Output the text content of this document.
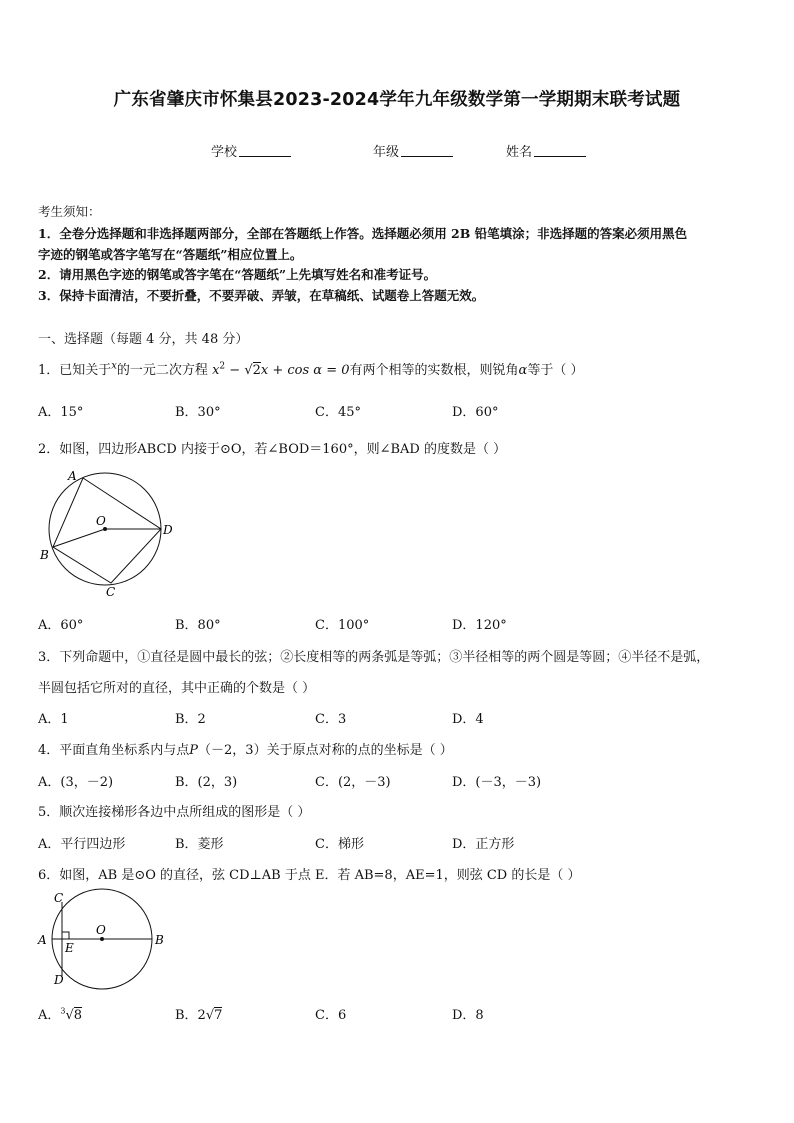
广东省肇庆市怀集县2023-2024学年九年级数学第一学期期末联考试题
学校	年级	姓名
考生须知：
1．全卷分选择题和非选择题两部分，全部在答题纸上作答。选择题必须用 2B 铅笔填涂；非选择题的答案必须用黑色
字迹的钢笔或答字笔写在“答题纸”相应位置上。
2．请用黑色字迹的钢笔或答字笔在“答题纸”上先填写姓名和准考证号。
3．保持卡面清洁，不要折叠，不要弄破、弄皱，在草稿纸、试题卷上答题无效。
一、选择题（每题 4 分，共 48 分）
1．已知关于$^x$的一元二次方程 $x^2 - √2x + \cos \alpha = 0$有两个相等的实数根，则锐角α等于（ ）
A．15°	B．30°	C．45°	D．60°
2．如图，四边形ABCD 内接于⊙O，若∠BOD＝160°，则∠BAD 的度数是（ ）
A
B
C
D
O
A．60°	B．80°	C．100°	D．120°
3．下列命题中，①直径是圆中最长的弦；②长度相等的两条弧是等弧；③半径相等的两个圆是等圆；④半径不是弧，
半圆包括它所对的直径，其中正确的个数是（ ）
A．1	B．2	C．3	D．4
4．平面直角坐标系内与点P（－2，3）关于原点对称的点的坐标是（ ）
A．(3，－2)	B．(2，3)	C．(2，－3)	D．(－3，－3)
5．顺次连接梯形各边中点所组成的图形是（ ）
A．平行四边形	B．菱形	C．梯形	D．正方形
6．如图，AB 是⊙O 的直径，弦 CD⊥AB 于点 E．若 AB=8，AE=1，则弦 CD 的长是（ ）
C
A
E
D
O
B
A．$^3$√8	B．2√7	C．6	D．8
